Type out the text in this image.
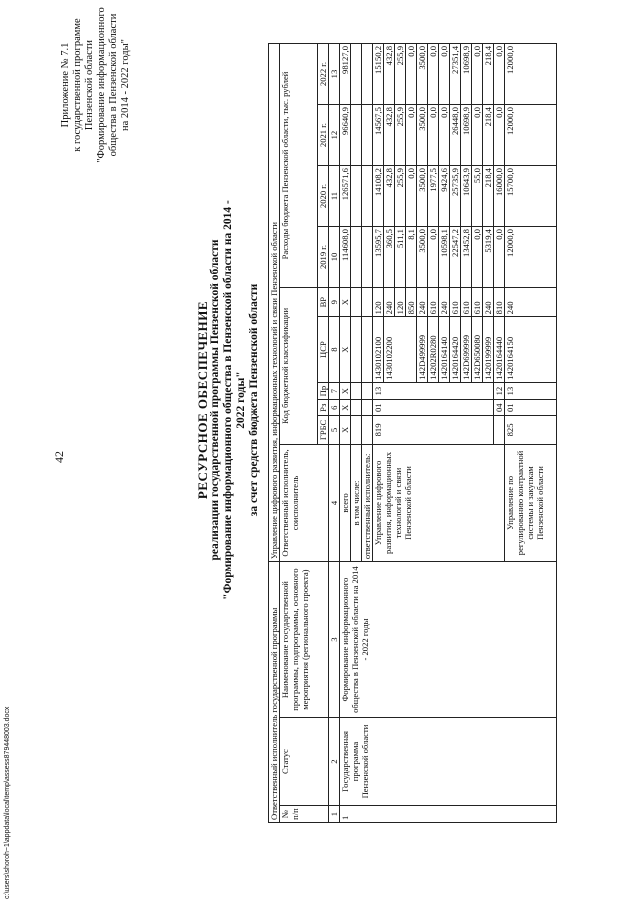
c:\users\shoroh~1\appdata\local\temp\assess879448003.docx
42
Приложение № 7.1 к государственной программе Пензенской области "Формирование информационного общества в Пензенской области на 2014 - 2022 годы"
РЕСУРСНОЕ ОБЕСПЕЧЕНИЕ реализации государственной программы Пензенской области "Формирование информационного общества в Пензенской области на 2014 - 2022 годы" за счет средств бюджета Пензенской области
Ответственный исполнитель государственной программы			Управление цифрового развития, информационных технологий и связи Пензенской области									
№ п/п	Статус	Наименование государственной программы, подпрограммы, основного мероприятия (регионального проекта)	Ответственный исполнитель, соисполнитель	Код бюджетной классификации					Расходы бюджета Пензенской области, тыс. рублей			
				ГРБС	Рз	Пр	ЦСР	ВР	2019 г.	2020 г.	2021 г.	2022 г.
1	2	3	4	5	6	7	8	9	10	11	12	13
1	Государственная программа Пензенской области	Формирование информационного общества в Пензенской области на 2014 - 2022 годы	всего	X	X	X	X	X	114608,0	126571,6	96640,9	98127,0
			в том числе:									
			ответственный исполнитель:									
			Управление цифрового развития, информационных технологий и связи Пензенской области	819	01	13	1430102100	120	13595,7	14108,2	14567,5	15150,2
							1430102200	240	360,5	432,8	432,8	432,8
								120	511,1	255,9	255,9	255,9
								850	8,1	0,0	0,0	0,0
							142D499999	240	3500,0	3500,0	3500,0	3500,0
							14202R0280	610	0,0	1977,5	0,0	0,0
							1420164140	240	10598,1	9424,6	0,0	0,0
							1420164420	610	22547,2	25735,9	26448,0	27351,4
							142D699999	610	13452,8	10643,9	10698,9	10698,9
							142D650080	610	0,0	55,0	0,0	0,0
							1420199999	240	5319,4	218,4	218,4	218,4
					04	12	1420164440	810	0,0	16000,0	0,0	0,0
			Управление по регулированию контрактной системы и закупкам Пензенской области	825	01	13	1420164150	240	12000,0	15700,0	12000,0	12000,0
